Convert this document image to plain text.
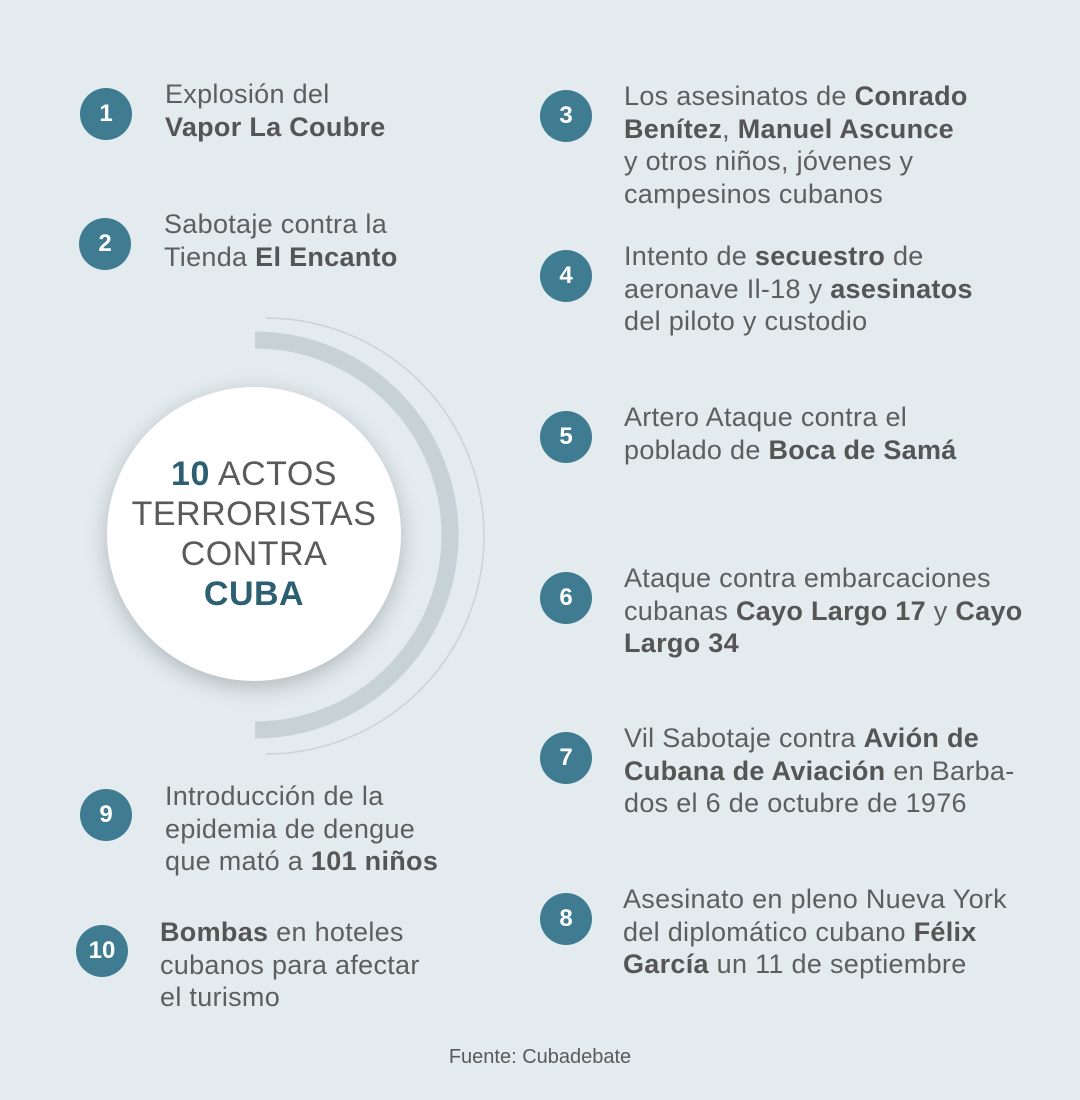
10 ACTOS
TERRORISTAS
CONTRA
CUBA
1
Explosión del
Vapor La Coubre
2
Sabotaje contra la
Tienda El Encanto
3
Los asesinatos de Conrado
Benítez, Manuel Ascunce
y otros niños, jóvenes y
campesinos cubanos
4
Intento de secuestro de
aeronave Il-18 y asesinatos
del piloto y custodio
5
Artero Ataque contra el
poblado de Boca de Samá
6
Ataque contra embarcaciones
cubanas Cayo Largo 17 y Cayo
Largo 34
7
Vil Sabotaje contra Avión de
Cubana de Aviación en Barba-
dos el 6 de octubre de 1976
8
Asesinato en pleno Nueva York
del diplomático cubano Félix
García un 11 de septiembre
9
Introducción de la
epidemia de dengue
que mató a 101 niños
10
Bombas en hoteles
cubanos para afectar
el turismo
Fuente: Cubadebate
